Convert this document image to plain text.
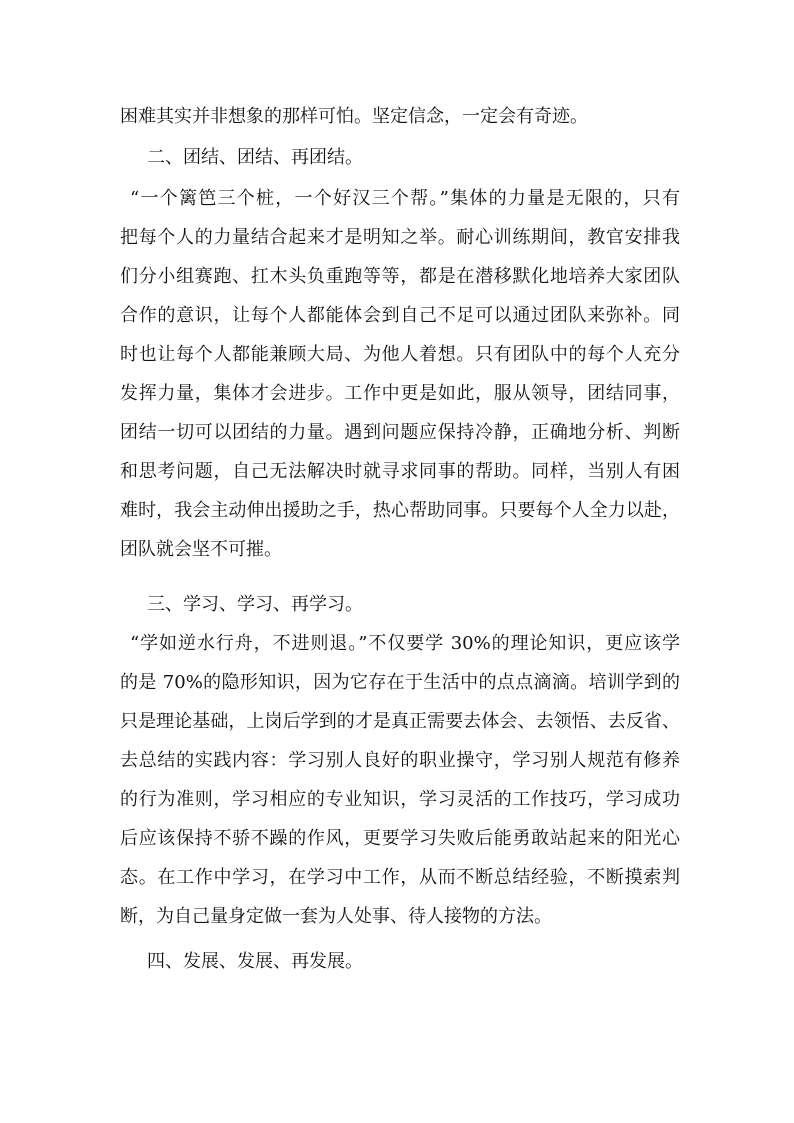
困难其实并非想象的那样可怕。坚定信念，一定会有奇迹。
二、团结、团结、再团结。
“一个篱笆三个桩，一个好汉三个帮。”集体的力量是无限的，只有
把每个人的力量结合起来才是明知之举。耐心训练期间，教官安排我
们分小组赛跑、扛木头负重跑等等，都是在潜移默化地培养大家团队
合作的意识，让每个人都能体会到自己不足可以通过团队来弥补。同
时也让每个人都能兼顾大局、为他人着想。只有团队中的每个人充分
发挥力量，集体才会进步。工作中更是如此，服从领导，团结同事，
团结一切可以团结的力量。遇到问题应保持冷静，正确地分析、判断
和思考问题，自己无法解决时就寻求同事的帮助。同样，当别人有困
难时，我会主动伸出援助之手，热心帮助同事。只要每个人全力以赴，
团队就会坚不可摧。
三、学习、学习、再学习。
“学如逆水行舟，不进则退。”不仅要学 30%的理论知识，更应该学
的是 70%的隐形知识，因为它存在于生活中的点点滴滴。培训学到的
只是理论基础，上岗后学到的才是真正需要去体会、去领悟、去反省、
去总结的实践内容：学习别人良好的职业操守，学习别人规范有修养
的行为准则，学习相应的专业知识，学习灵活的工作技巧，学习成功
后应该保持不骄不躁的作风，更要学习失败后能勇敢站起来的阳光心
态。在工作中学习，在学习中工作，从而不断总结经验，不断摸索判
断，为自己量身定做一套为人处事、待人接物的方法。
四、发展、发展、再发展。
